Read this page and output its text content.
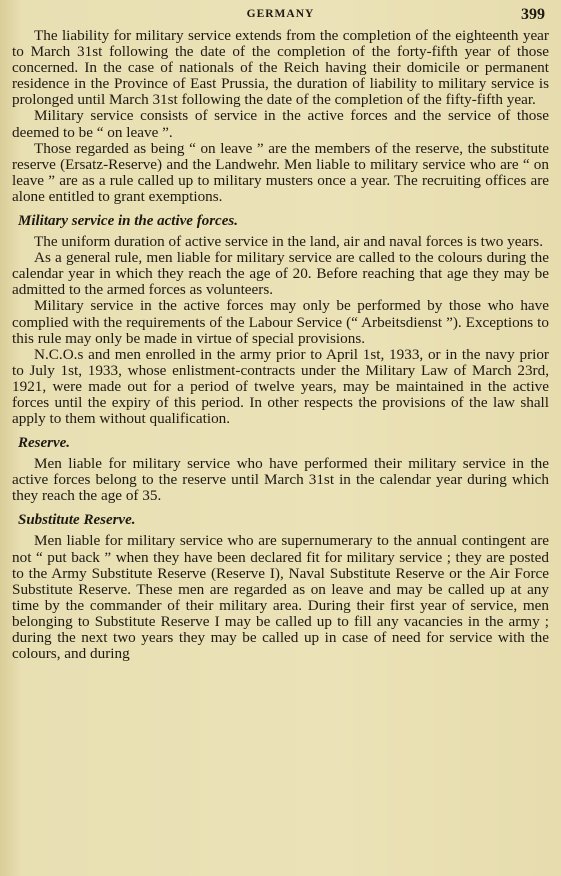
GERMANY	399

The liability for military service extends from the completion of the eighteenth year to March 31st following the date of the completion of the forty-fifth year of those concerned. In the case of nationals of the Reich having their domicile or permanent residence in the Province of East Prussia, the duration of liability to military service is prolonged until March 31st following the date of the completion of the fifty-fifth year.

Military service consists of service in the active forces and the service of those deemed to be “ on leave ”.

Those regarded as being “ on leave ” are the members of the reserve, the substitute reserve (Ersatz-Reserve) and the Landwehr. Men liable to military service who are “ on leave ” are as a rule called up to military musters once a year. The recruiting offices are alone entitled to grant exemptions.

Military service in the active forces.

The uniform duration of active service in the land, air and naval forces is two years.

As a general rule, men liable for military service are called to the colours during the calendar year in which they reach the age of 20. Before reaching that age they may be admitted to the armed forces as volunteers.

Military service in the active forces may only be performed by those who have complied with the requirements of the Labour Service (“ Arbeitsdienst ”). Exceptions to this rule may only be made in virtue of special provisions.

N.C.O.s and men enrolled in the army prior to April 1st, 1933, or in the navy prior to July 1st, 1933, whose enlistment-contracts under the Military Law of March 23rd, 1921, were made out for a period of twelve years, may be maintained in the active forces until the expiry of this period. In other respects the provisions of the law shall apply to them without qualification.

Reserve.

Men liable for military service who have performed their military service in the active forces belong to the reserve until March 31st in the calendar year during which they reach the age of 35.

Substitute Reserve.

Men liable for military service who are supernumerary to the annual contingent are not “ put back ” when they have been declared fit for military service ; they are posted to the Army Substitute Reserve (Reserve I), Naval Substitute Reserve or the Air Force Substitute Reserve. These men are regarded as on leave and may be called up at any time by the commander of their military area. During their first year of service, men belonging to Substitute Reserve I may be called up to fill any vacancies in the army ; during the next two years they may be called up in case of need for service with the colours, and during
